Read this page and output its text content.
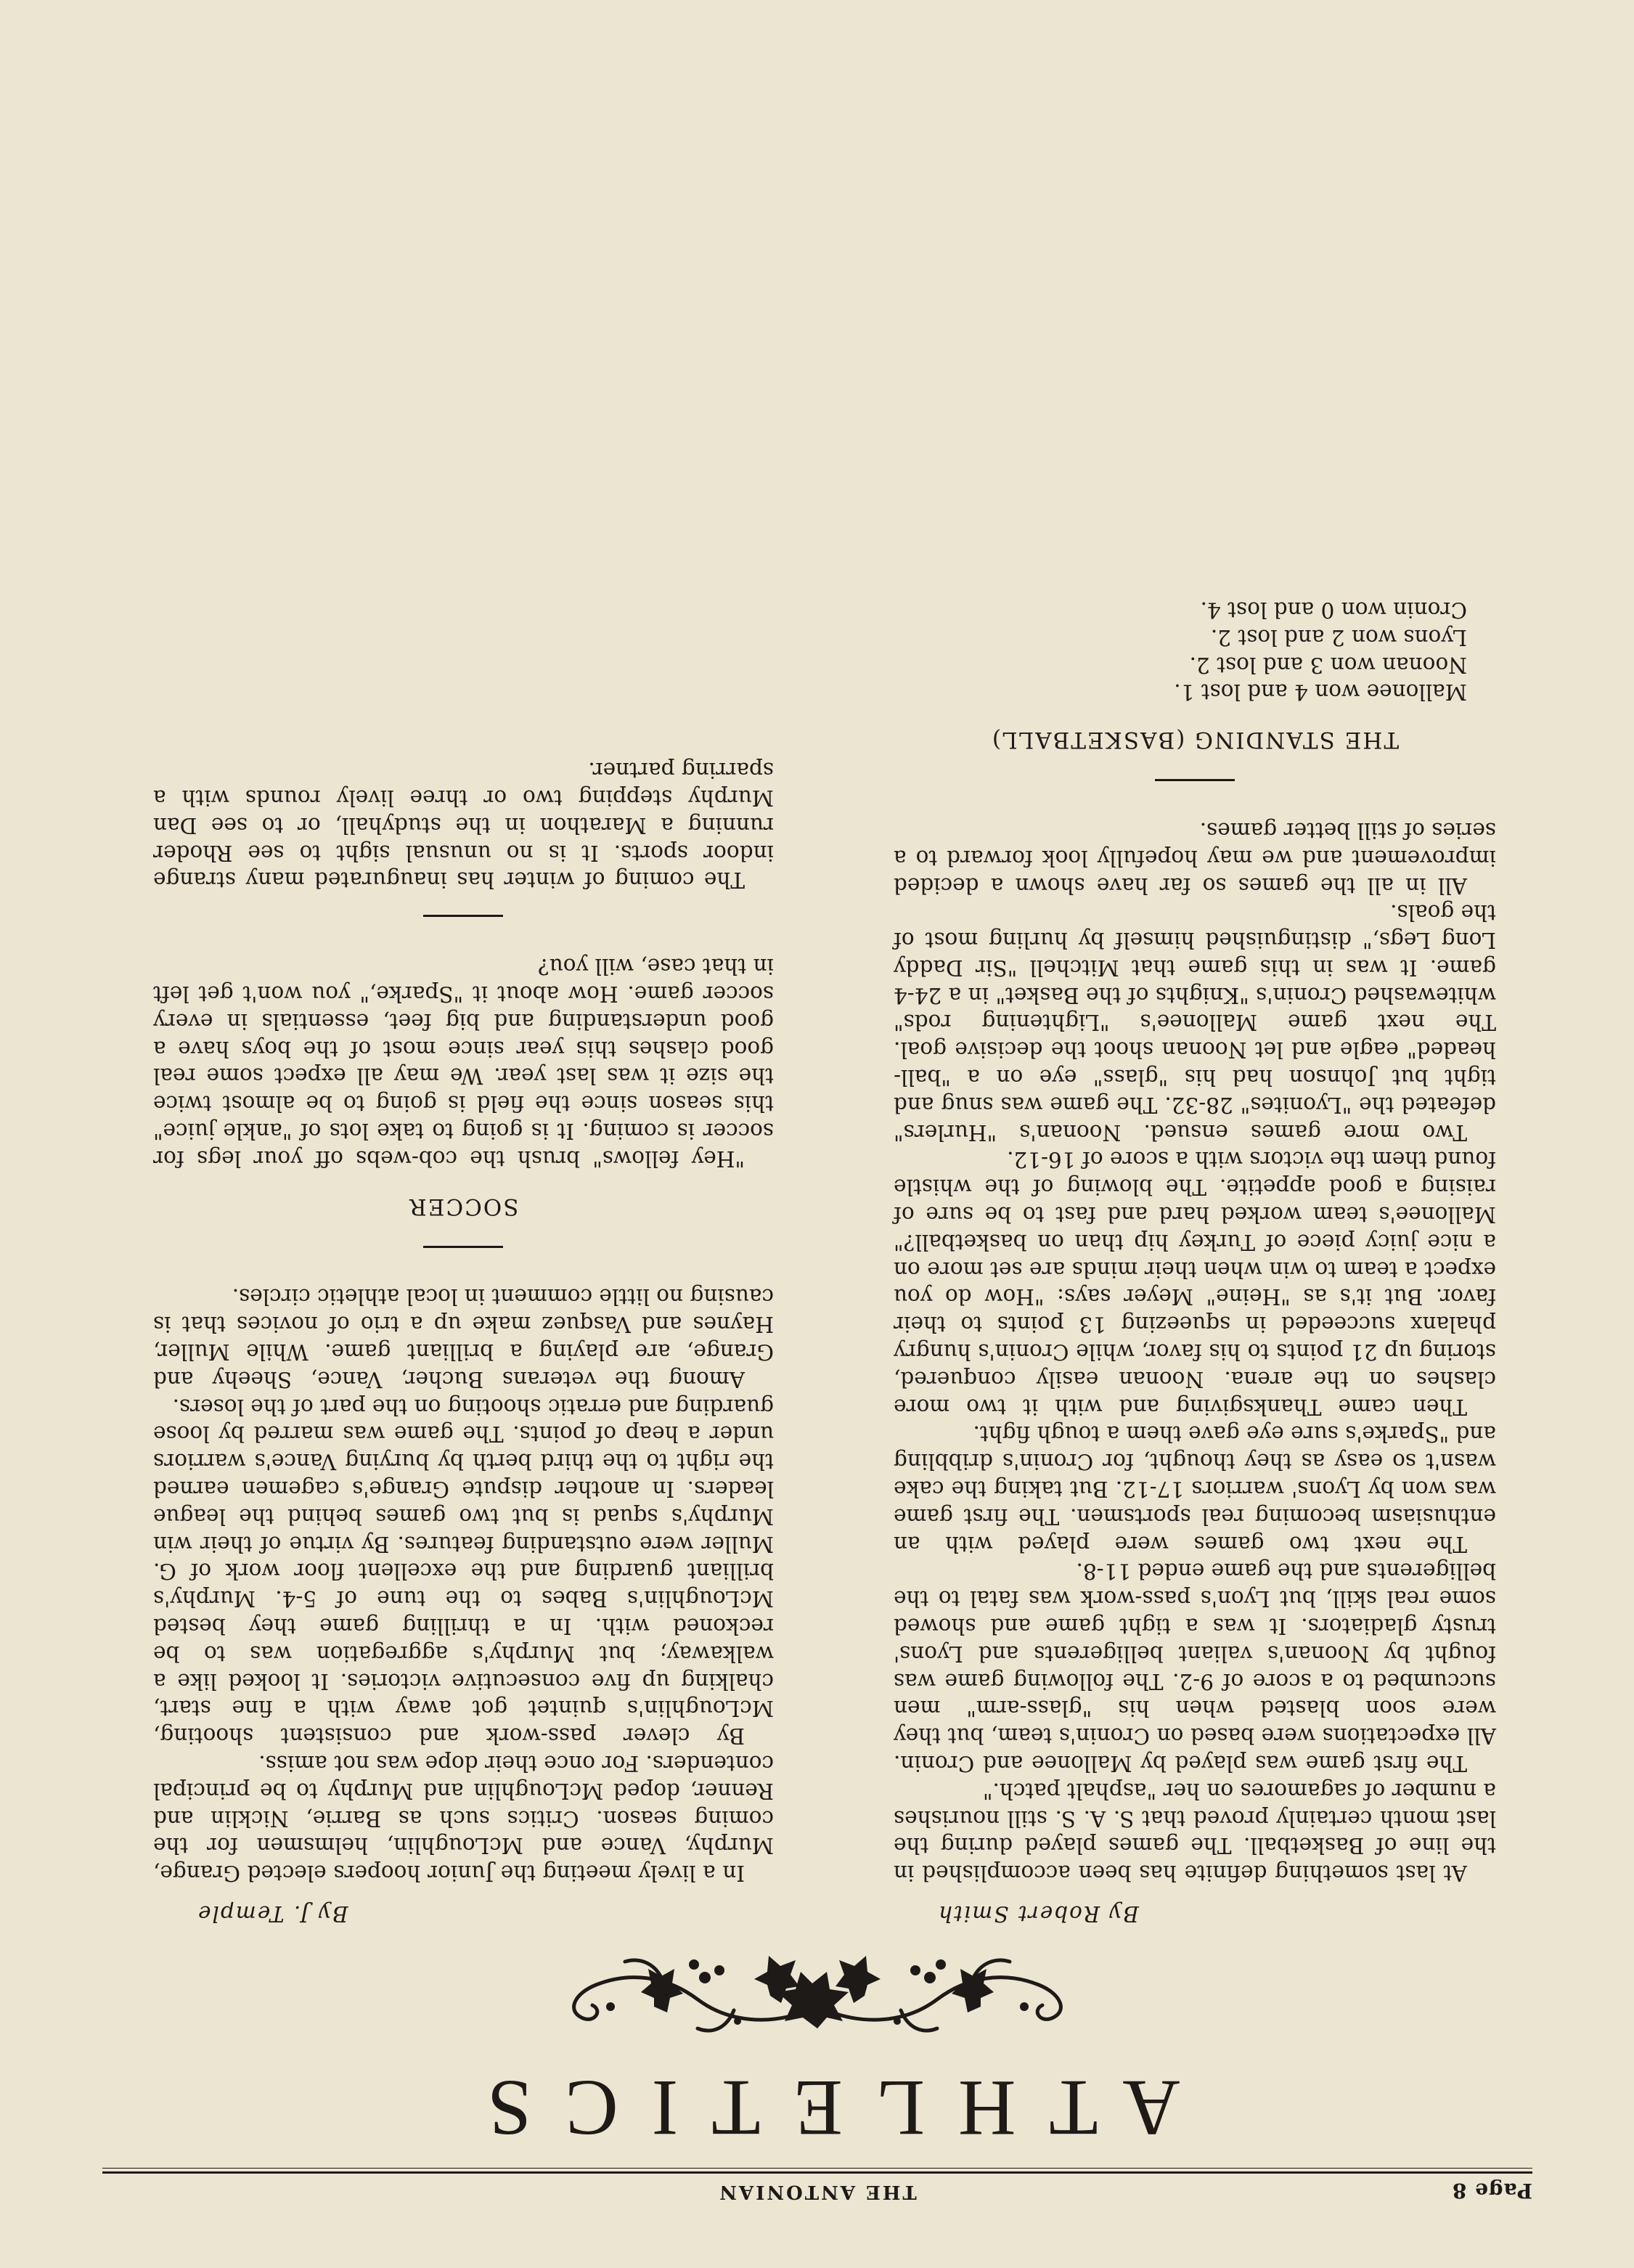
Page 8
THE ANTONIAN
ATHLETICS
By Robert Smith

At last something definite has been accomplished in the line of Basketball. The games played during the last month certainly proved that S. A. S. still nourishes a number of sagamores on her "asphalt patch."

The first game was played by Mallonee and Cronin. All expectations were based on Cronin's team, but they were soon blasted when his "glass-arm" men succumbed to a score of 9-2. The following game was fought by Noonan's valiant belligerents and Lyons' trusty gladiators. It was a tight game and showed some real skill, but Lyon's pass-work was fatal to the belligerents and the game ended 11-8.

The next two games were played with an enthusiasm becoming real sportsmen. The first game was won by Lyons' warriors 17-12. But taking the cake wasn't so easy as they thought, for Cronin's dribbling and "Sparke's sure eye gave them a tough fight.

Then came Thanksgiving and with it two more clashes on the arena. Noonan easily conquered, storing up 21 points to his favor, while Cronin's hungry phalanx succeeded in squeezing 13 points to their favor. But it's as "Heine" Meyer says: "How do you expect a team to win when their minds are set more on a nice juicy piece of Turkey hip than on basketball?" Mallonee's team worked hard and fast to be sure of raising a good appetite. The blowing of the whistle found them the victors with a score of 16-12.

Two more games ensued. Noonan's "Hurlers" defeated the "Lyonites" 28-32. The game was snug and tight but Johnson had his "glass" eye on a "ball-headed" eagle and let Noonan shoot the decisive goal. The next game Mallonee's "Lightening rods" whitewashed Cronin's "Knights of the Basket" in a 24-4 game. It was in this game that Mitchell "Sir Daddy Long Legs," distinguished himself by hurling most of the goals.

All in all the games so far have shown a decided improvement and we may hopefully look forward to a series of still better games.

THE STANDING (BASKETBALL)

Mallonee won 4 and lost 1.

Noonan won 3 and lost 2.

Lyons won 2 and lost 2.

Cronin won 0 and lost 4.

By J. Temple

In a lively meeting the Junior hoopers elected Grange, Murphy, Vance and McLoughlin, helmsmen for the coming season. Critics such as Barrie, Nicklin and Renner, doped McLoughlin and Murphy to be principal contenders. For once their dope was not amiss.

By clever pass-work and consistent shooting, McLoughlin's quintet got away with a fine start, chalking up five consecutive victories. It looked like a walkaway; but Murphy's aggregation was to be reckoned with. In a thrilling game they bested McLoughlin's Babes to the tune of 5-4. Murphy's brilliant guarding and the excellent floor work of G. Muller were outstanding features. By virtue of their win Murphy's squad is but two games behind the league leaders. In another dispute Grange's cagemen earned the right to the third berth by burying Vance's warriors under a heap of points. The game was marred by loose guarding and erratic shooting on the part of the losers.

Among the veterans Bucher, Vance, Sheehy and Grange, are playing a brilliant game. While Muller, Haynes and Vasquez make up a trio of novices that is causing no little comment in local athletic circles.

SOCCER

"Hey fellows" brush the cob-webs off your legs for soccer is coming. It is going to take lots of "ankle juice" this season since the field is going to be almost twice the size it was last year. We may all expect some real good clashes this year since most of the boys have a good understanding and big feet, essentials in every soccer game. How about it "Sparke," you won't get left in that case, will you?

The coming of winter has inaugurated many strange indoor sports. It is no unusual sight to see Rhoder running a Marathon in the studyhall, or to see Dan Murphy stepping two or three lively rounds with a sparring partner.
